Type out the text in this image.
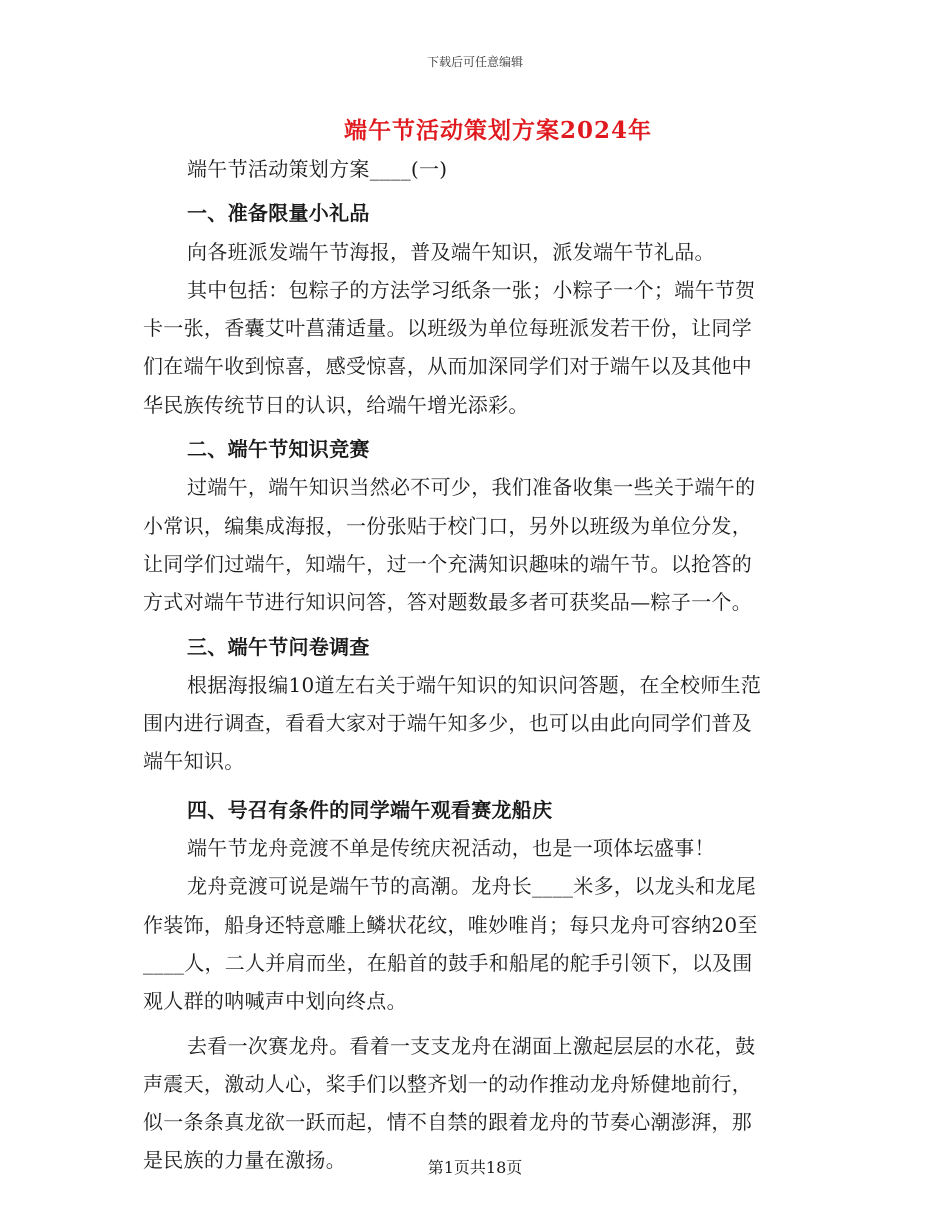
下载后可任意编辑
端午节活动策划方案2024年
端午节活动策划方案____(一)
一、准备限量小礼品
向各班派发端午节海报，普及端午知识，派发端午节礼品。
其中包括：包粽子的方法学习纸条一张；小粽子一个；端午节贺
卡一张，香囊艾叶菖蒲适量。以班级为单位每班派发若干份，让同学
们在端午收到惊喜，感受惊喜，从而加深同学们对于端午以及其他中
华民族传统节日的认识，给端午增光添彩。
二、端午节知识竞赛
过端午，端午知识当然必不可少，我们准备收集一些关于端午的
小常识，编集成海报，一份张贴于校门口，另外以班级为单位分发，
让同学们过端午，知端午，过一个充满知识趣味的端午节。以抢答的
方式对端午节进行知识问答，答对题数最多者可获奖品—粽子一个。
三、端午节问卷调查
根据海报编10道左右关于端午知识的知识问答题，在全校师生范
围内进行调查，看看大家对于端午知多少，也可以由此向同学们普及
端午知识。
四、号召有条件的同学端午观看赛龙船庆
端午节龙舟竞渡不单是传统庆祝活动，也是一项体坛盛事！
龙舟竞渡可说是端午节的高潮。龙舟长____米多，以龙头和龙尾
作装饰，船身还特意雕上鳞状花纹，唯妙唯肖；每只龙舟可容纳20至
____人，二人并肩而坐，在船首的鼓手和船尾的舵手引领下，以及围
观人群的呐喊声中划向终点。
去看一次赛龙舟。看着一支支龙舟在湖面上激起层层的水花，鼓
声震天，激动人心，桨手们以整齐划一的动作推动龙舟矫健地前行，
似一条条真龙欲一跃而起，情不自禁的跟着龙舟的节奏心潮澎湃，那
是民族的力量在激扬。	第1页共18页
